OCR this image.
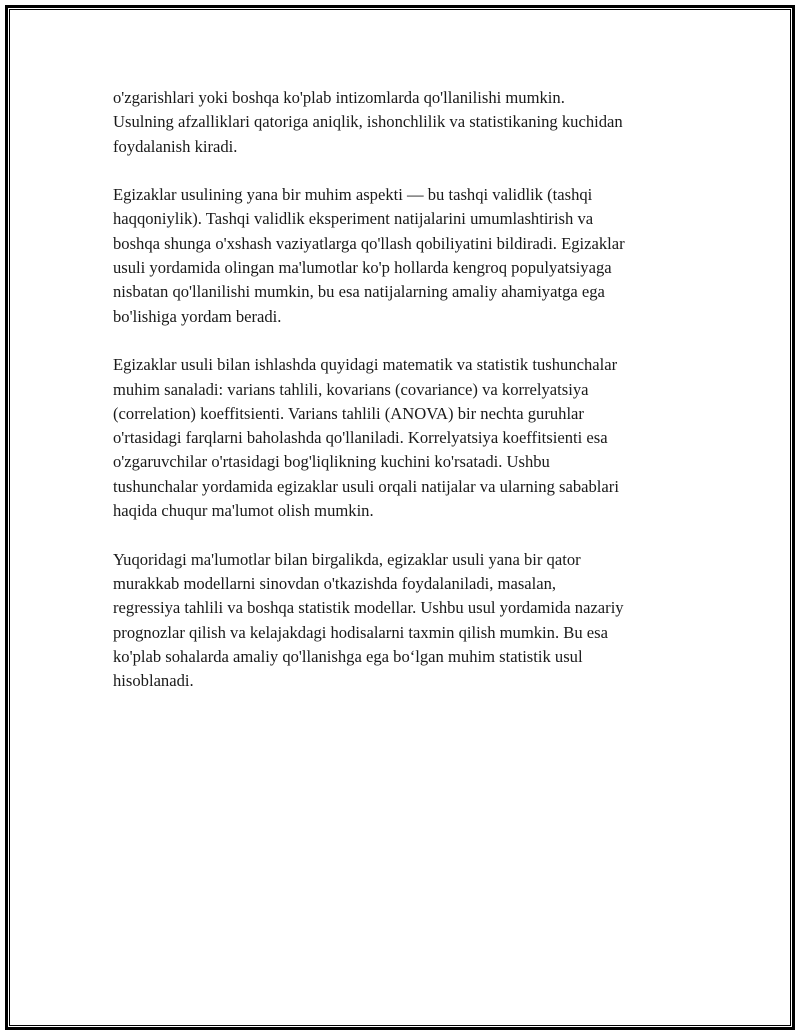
o'zgarishlari yoki boshqa ko'plab intizomlarda qo'llanilishi mumkin.
Usulning afzalliklari qatoriga aniqlik, ishonchlilik va statistikaning kuchidan
foydalanish kiradi.

Egizaklar usulining yana bir muhim aspekti — bu tashqi validlik (tashqi
haqqoniylik). Tashqi validlik eksperiment natijalarini umumlashtirish va
boshqa shunga o'xshash vaziyatlarga qo'llash qobiliyatini bildiradi. Egizaklar
usuli yordamida olingan ma'lumotlar ko'p hollarda kengroq populyatsiyaga
nisbatan qo'llanilishi mumkin, bu esa natijalarning amaliy ahamiyatga ega
bo'lishiga yordam beradi.

Egizaklar usuli bilan ishlashda quyidagi matematik va statistik tushunchalar
muhim sanaladi: varians tahlili, kovarians (covariance) va korrelyatsiya
(correlation) koeffitsienti. Varians tahlili (ANOVA) bir nechta guruhlar
o'rtasidagi farqlarni baholashda qo'llaniladi. Korrelyatsiya koeffitsienti esa
o'zgaruvchilar o'rtasidagi bog'liqlikning kuchini ko'rsatadi. Ushbu
tushunchalar yordamida egizaklar usuli orqali natijalar va ularning sabablari
haqida chuqur ma'lumot olish mumkin.

Yuqoridagi ma'lumotlar bilan birgalikda, egizaklar usuli yana bir qator
murakkab modellarni sinovdan o'tkazishda foydalaniladi, masalan,
regressiya tahlili va boshqa statistik modellar. Ushbu usul yordamida nazariy
prognozlar qilish va kelajakdagi hodisalarni taxmin qilish mumkin. Bu esa
ko'plab sohalarda amaliy qo'llanishga ega bo‘lgan muhim statistik usul
hisoblanadi.
